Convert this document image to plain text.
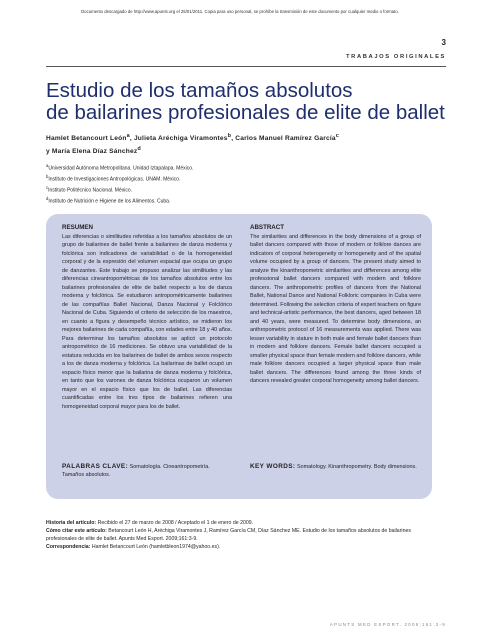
Documento descargado de http://www.apunts.org el 25/01/2011. Copia para uso personal, se prohíbe la transmisión de este documento por cualquier medio o formato.
3
TRABAJOS ORIGINALES
Estudio de los tamaños absolutos
de bailarines profesionales de elite de ballet
Hamlet Betancourt León$^a$, Julieta Aréchiga Viramontes$^b$, Carlos Manuel Ramírez García$^c$
y María Elena Díaz Sánchez$^d$
$^a$Universidad Autónoma Metropolitana. Unidad Iztapalapa. México.
$^b$Instituto de Investigaciones Antropológicas. UNAM. México.
$^c$Instituto Politécnico Nacional. México.
$^d$Instituto de Nutrición e Higiene de los Alimentos. Cuba.
RESUMEN

Las diferencias o similitudes referidas a los tamaños absolutos de un grupo de bailarines de ballet frente a bailarines de danza moderna y folclórica son indicadores de variabilidad o de la homogeneidad corporal y de la expresión del volumen espacial que ocupa un grupo de danzantes. Este trabajo se propuso analizar las similitudes y las diferencias cineantropométricas de los tamaños absolutos entre los bailarines profesionales de elite de ballet respecto a los de danza moderna y folclórica. Se estudiaron antropométricamente bailarines de las compañías Ballet Nacional, Danza Nacional y Folclórico Nacional de Cuba. Siguiendo el criterio de selección de los maestros, en cuanto a figura y desempeño técnico artístico, se midieron los mejores bailarines de cada compañía, con edades entre 18 y 40 años. Para determinar los tamaños absolutos se aplicó un protocolo antropométrico de 16 mediciones. Se obtuvo una variabilidad de la estatura reducida en los bailarines de ballet de ambos sexos respecto a los de danza moderna y folclórica. La bailarinas de ballet ocupó un espacio físico menor que la bailarina de danza moderna y folclórica, en tanto que los varones de danza folclórica ocuparon un volumen mayor en el espacio físico que los de ballet. Las diferencias cuantificadas entre los tres tipos de bailarines refieren una homogeneidad corporal mayor para los de ballet.

ABSTRACT

The similarities and differences in the body dimensions of a group of ballet dancers compared with those of modern or folklore dances are indicators of corporal heterogeneity or homogeneity and of the spatial volume occupied by a group of dancers. The present study aimed to analyze the kinanthropometric similarities and differences among elite professional ballet dancers compared with modern and folklore dancers. The anthropometric profiles of dancers from the National Ballet, National Dance and National Folkloric companies in Cuba were determined. Following the selection criteria of expert teachers on figure and technical-artistic performance, the best dancers, aged between 18 and 40 years, were measured. To determine body dimensions, an anthropometric protocol of 16 measurements was applied. There was lesser variability in stature in both male and female ballet dancers than in modern and folklore dancers. Female ballet dancers occupied a smaller physical space than female modern and folklore dancers, while male folklore dancers occupied a larger physical space than male ballet dancers. The differences found among the three kinds of dancers revealed greater corporal homogeneity among ballet dancers.

PALABRAS CLAVE: Somatología. Cineantropometría. Tamaños absolutos.
KEY WORDS: Somatology. Kinanthropometry. Body dimensions.
Historia del artículo: Recibido el 27 de marzo de 2008 / Aceptado el 1 de enero de 2009.
Cómo citar este artículo: Betancourt León H, Aréchiga Viramontes J, Ramírez García CM, Díaz Sánchez ME. Estudio de los tamaños absolutos de bailarines profesionales de elite de ballet. Apunts Med Esport. 2009;161:3-9.
Correspondencia: Hamlet Betancourt León (hamletbleon1974@yahoo.es).
APUNTS MED ESPORT. 2009;161:3-9
